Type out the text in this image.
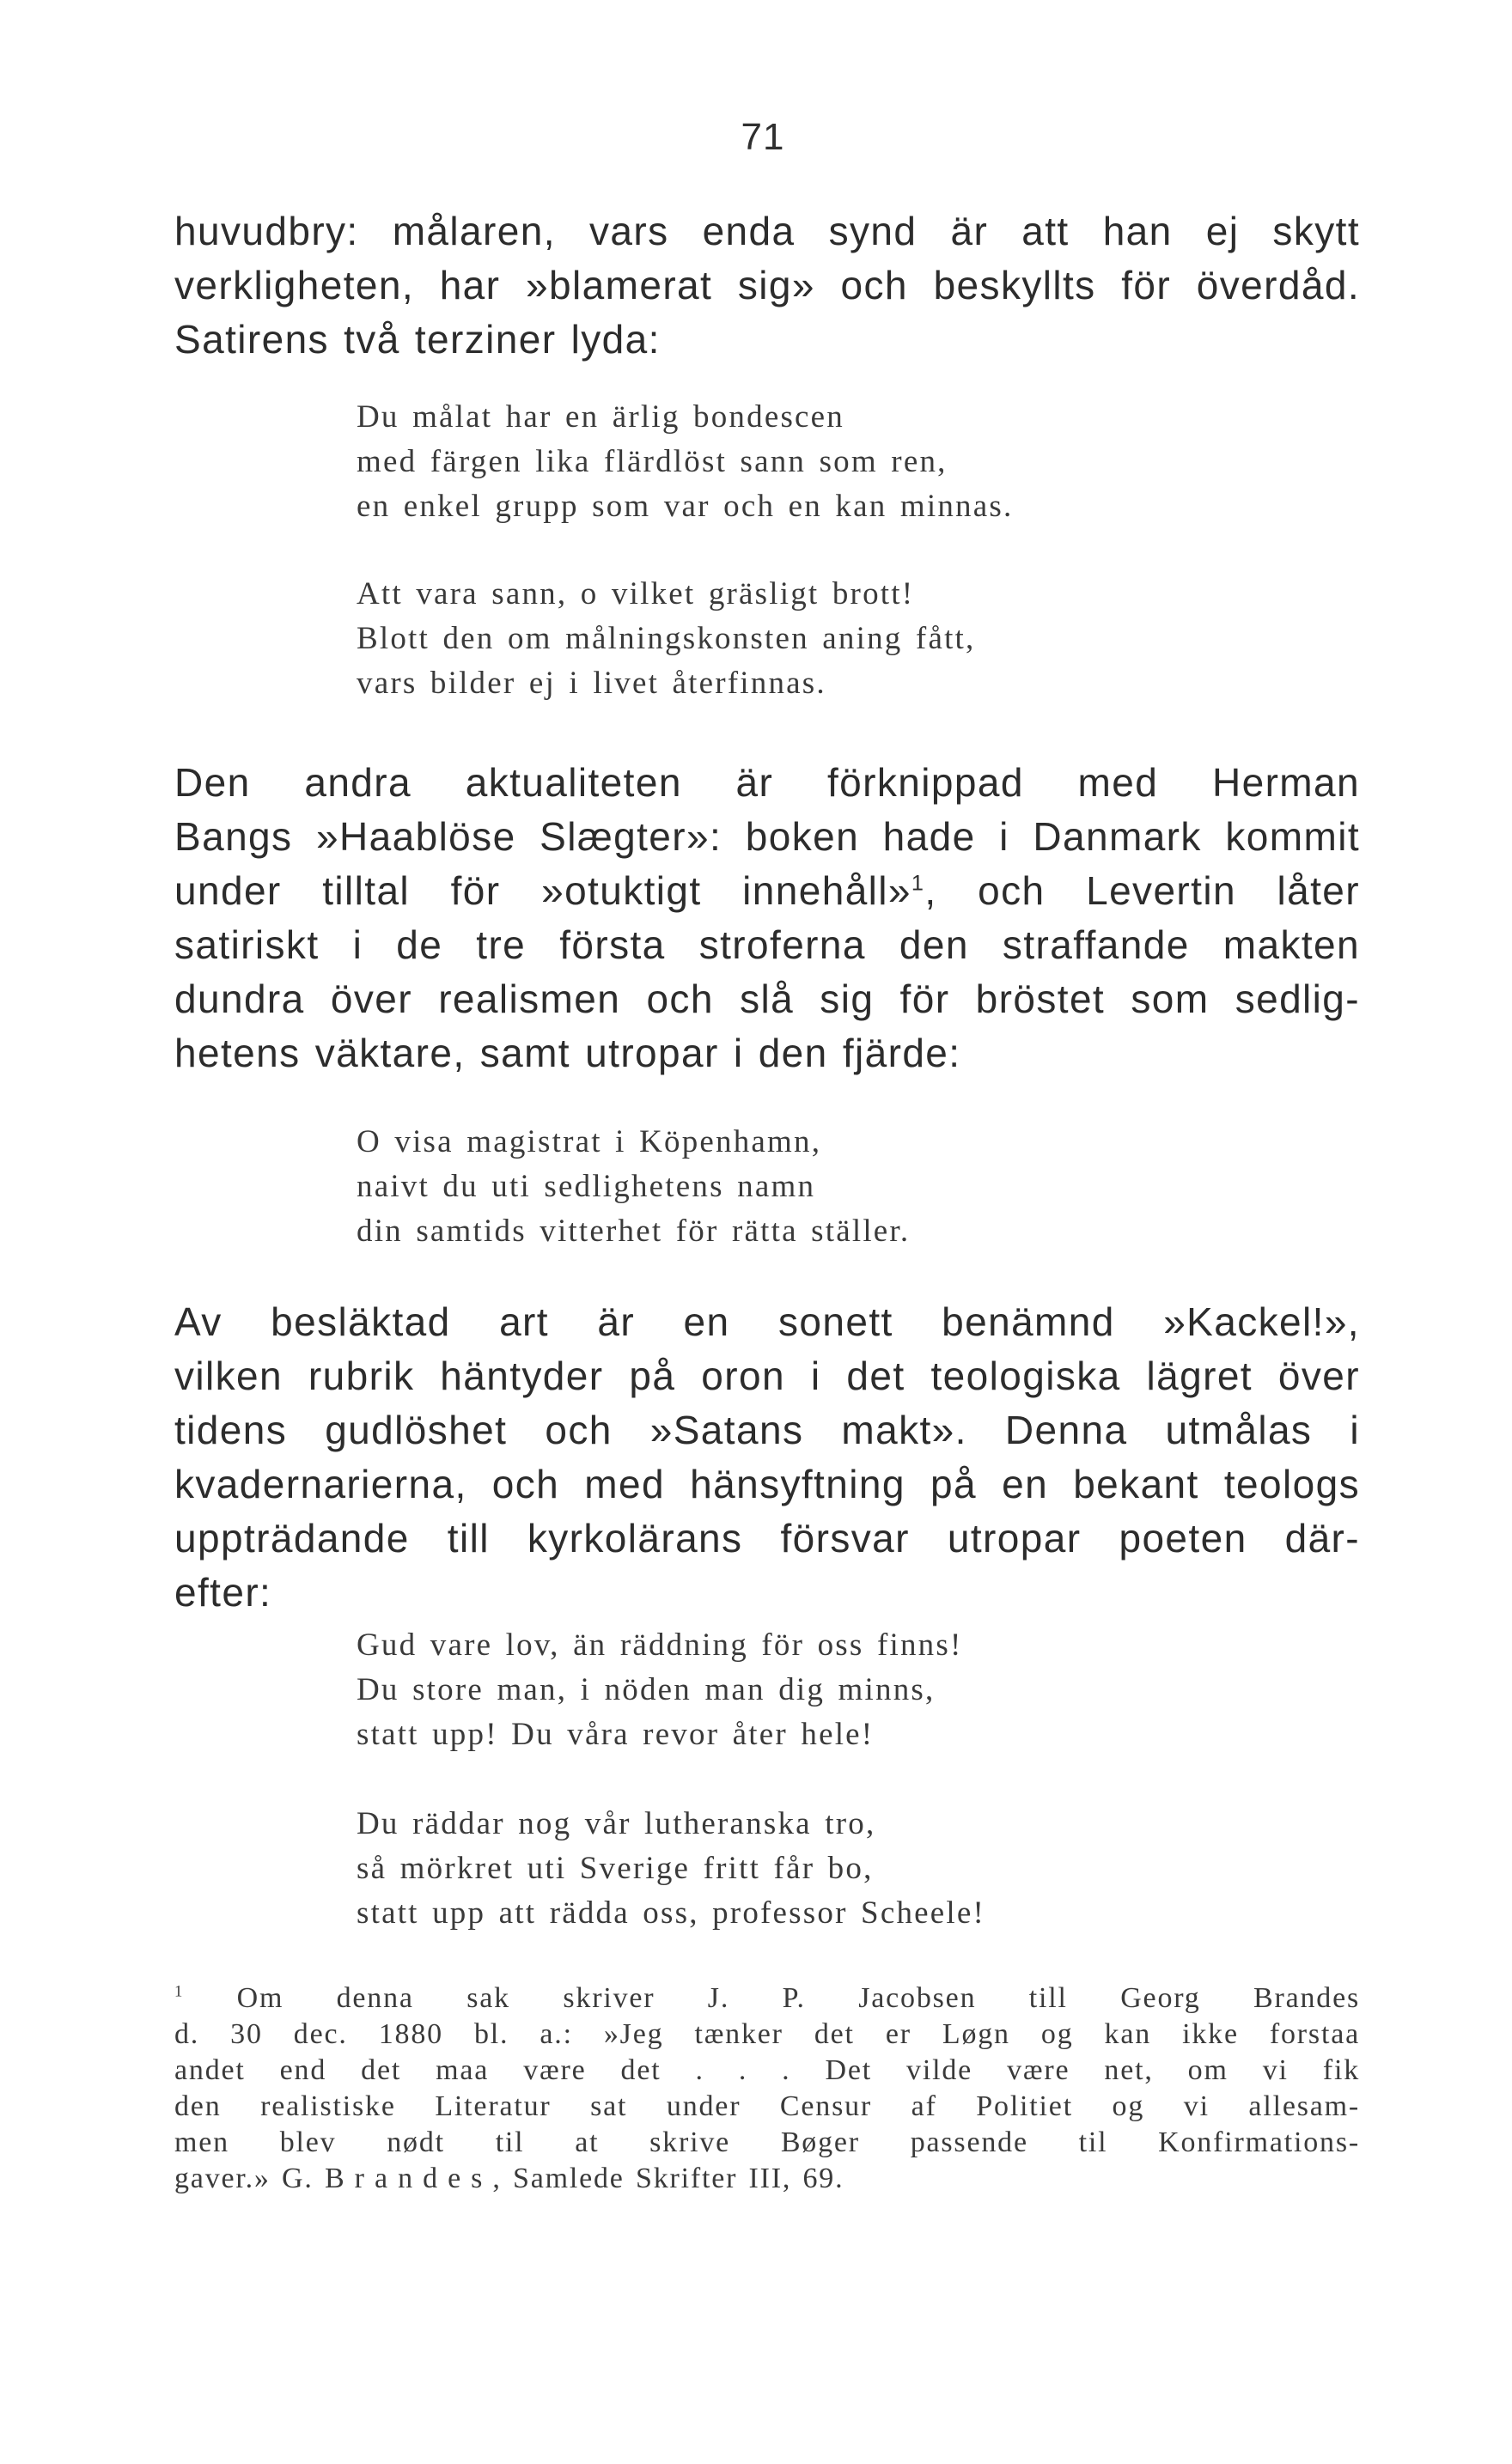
71
huvudbry: målaren, vars enda synd är att han ej skytt
verkligheten, har »blamerat sig» och beskyllts för överdåd.
Satirens två terziner lyda:
Du målat har en ärlig bondescen
med färgen lika flärdlöst sann som ren,
en enkel grupp som var och en kan minnas.
Att vara sann, o vilket gräsligt brott!
Blott den om målningskonsten aning fått,
vars bilder ej i livet återfinnas.
Den andra aktualiteten är förknippad med Herman
Bangs »Haablöse Slægter»: boken hade i Danmark kommit
under tilltal för »otuktigt innehåll»$^1$, och Levertin låter
satiriskt i de tre första stroferna den straffande makten
dundra över realismen och slå sig för bröstet som sedlig-
hetens väktare, samt utropar i den fjärde:
O visa magistrat i Köpenhamn,
naivt du uti sedlighetens namn
din samtids vitterhet för rätta ställer.
Av besläktad art är en sonett benämnd »Kackel!»,
vilken rubrik häntyder på oron i det teologiska lägret över
tidens gudlöshet och »Satans makt». Denna utmålas i
kvadernarierna, och med hänsyftning på en bekant teologs
uppträdande till kyrkolärans försvar utropar poeten där-
efter:
Gud vare lov, än räddning för oss finns!
Du store man, i nöden man dig minns,
statt upp! Du våra revor åter hele!
Du räddar nog vår lutheranska tro,
så mörkret uti Sverige fritt får bo,
statt upp att rädda oss, professor Scheele!
$^1$ Om denna sak skriver J. P. Jacobsen till Georg Brandes
d. 30 dec. 1880 bl. a.: »Jeg tænker det er Løgn og kan ikke forstaa
andet end det maa være det . . . Det vilde være net, om vi fik
den realistiske Literatur sat under Censur af Politiet og vi allesam-
men blev nødt til at skrive Bøger passende til Konfirmations-
gaver.» G. Brandes, Samlede Skrifter III, 69.
